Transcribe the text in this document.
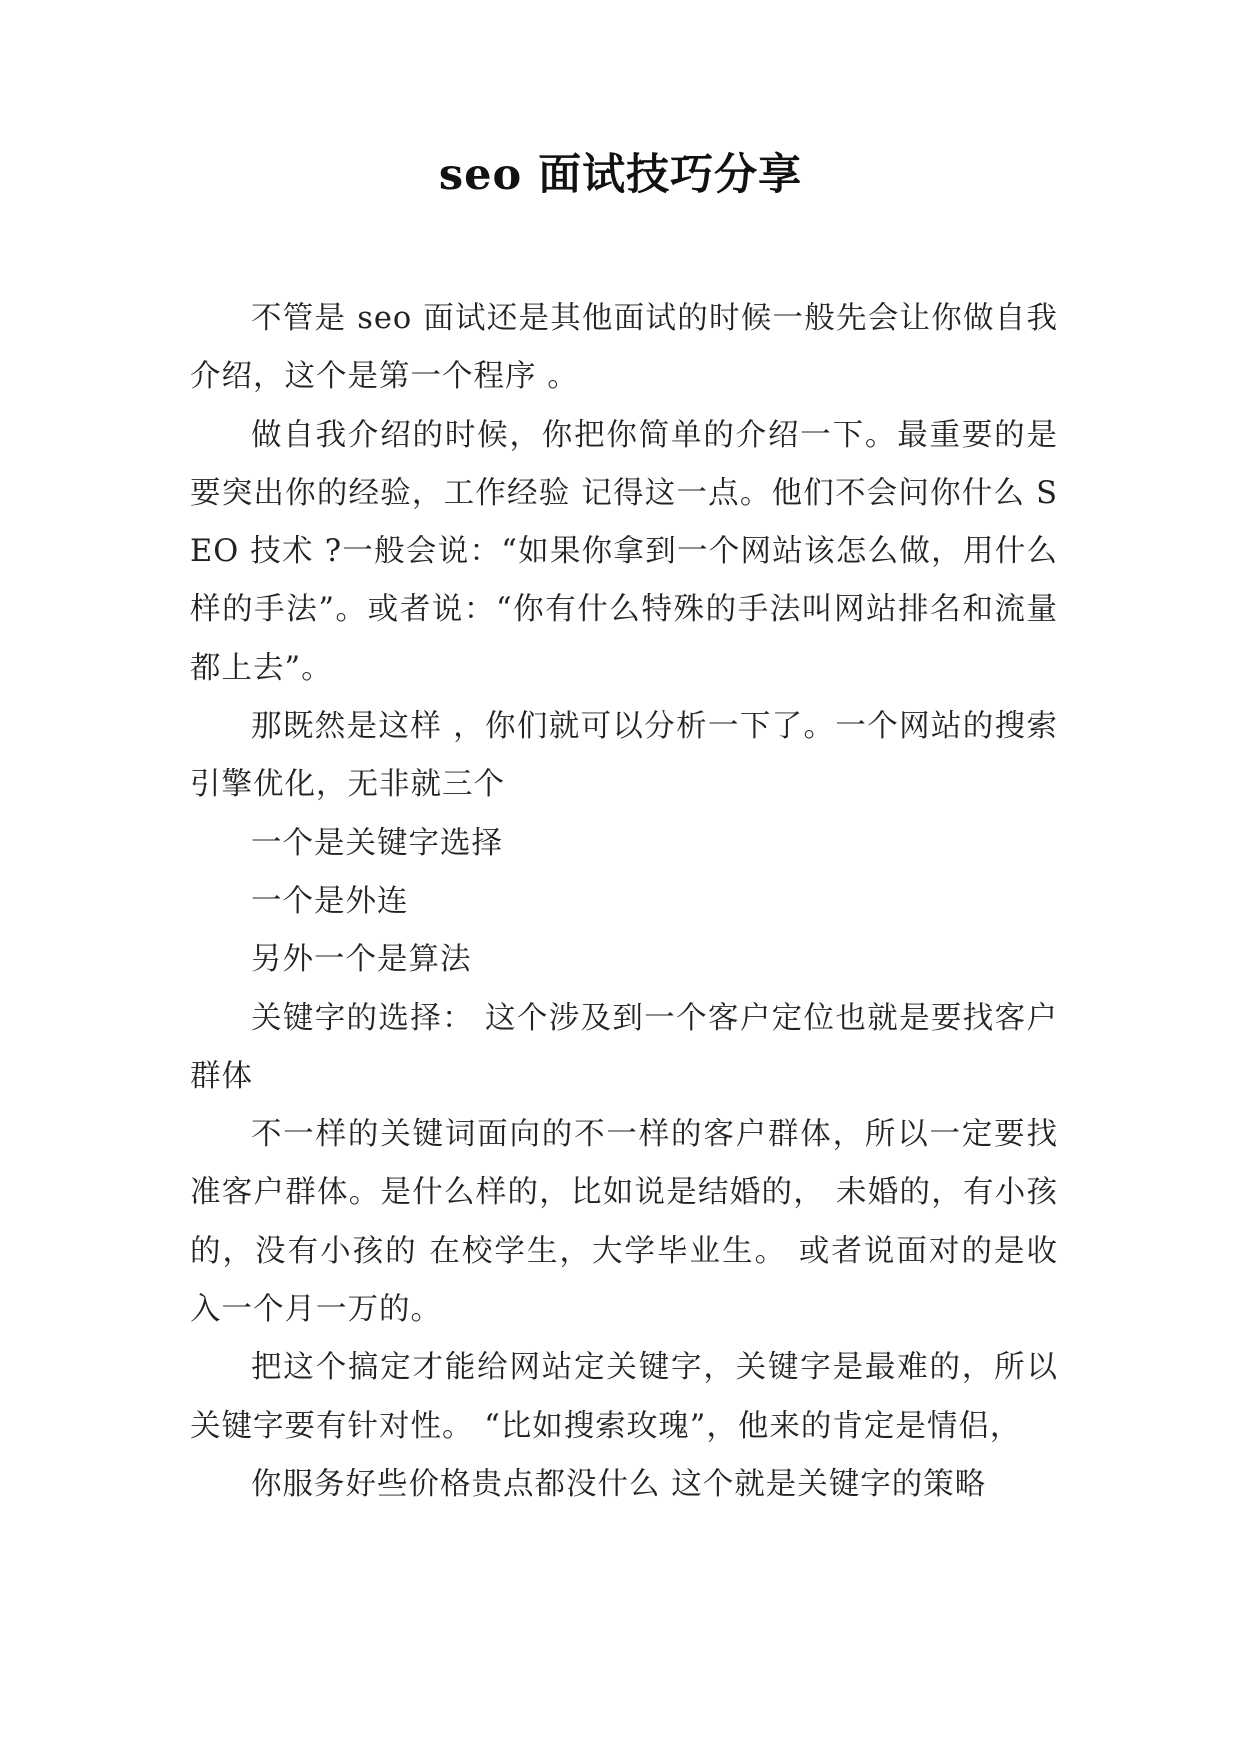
seo 面试技巧分享

不管是 seo 面试还是其他面试的时候一般先会让你做自我介绍，这个是第一个程序 。

做自我介绍的时候，你把你简单的介绍一下。最重要的是要突出你的经验，工作经验 记得这一点。他们不会问你什么 SEO 技术 ?一般会说：“如果你拿到一个网站该怎么做，用什么样的手法”。或者说：“你有什么特殊的手法叫网站排名和流量都上去”。

那既然是这样 ，你们就可以分析一下了。一个网站的搜索引擎优化，无非就三个

一个是关键字选择

一个是外连

另外一个是算法

关键字的选择： 这个涉及到一个客户定位也就是要找客户群体

不一样的关键词面向的不一样的客户群体，所以一定要找准客户群体。是什么样的，比如说是结婚的， 未婚的，有小孩的，没有小孩的 在校学生，大学毕业生。 或者说面对的是收入一个月一万的。

把这个搞定才能给网站定关键字，关键字是最难的，所以关键字要有针对性。 “比如搜索玫瑰”，他来的肯定是情侣，

你服务好些价格贵点都没什么 这个就是关键字的策略
